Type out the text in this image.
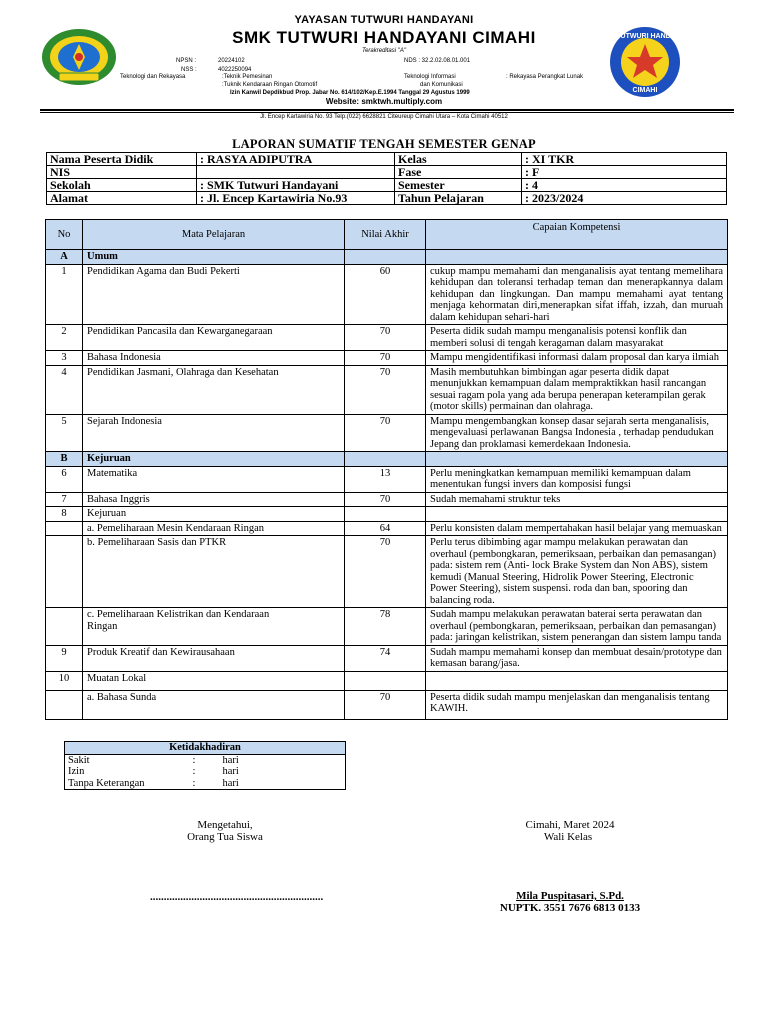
YAYASAN TUTWURI HANDAYANI
SMK TUTWURI HANDAYANI CIMAHI
Terakreditasi "A"
NPSN :	20224102
NSS :	4022250094
NDS : 32.2.02.08.01.001
Teknologi dan Rekayasa	:Teknik Pemesinan
:Tuknik Kendaraan Ringan Otomotif
Teknologi Informasi
dan Komunikasi
: Rekayasa Perangkat Lunak
Izin Kanwil Depdikbud Prop. Jabar No. 614/102/Kep.E.1994 Tanggal 29 Agustus 1999
Website: smktwh.multiply.com
SMK TUTWURI HANDAYANI
CIMAHI
Jl. Encep Kartawiria No. 93 Telp.(022) 6628821 Citeureup Cimahi Utara – Kota Cimahi 40512
LAPORAN SUMATIF TENGAH SEMESTER GENAP
Nama Peserta Didik	: RASYA ADIPUTRA	Kelas	: XI TKR
NIS		Fase	: F
Sekolah	: SMK Tutwuri Handayani	Semester	: 4
Alamat	: Jl. Encep Kartawiria No.93	Tahun Pelajaran	: 2023/2024
No	Mata Pelajaran	Nilai Akhir	Capaian Kompetensi
A	Umum		
1	Pendidikan Agama dan Budi Pekerti	60	cukup mampu memahami dan menganalisis ayat tentang memelihara kehidupan dan toleransi terhadap teman dan menerapkannya dalam kehidupan dan lingkungan. Dan mampu memahami ayat tentang menjaga kehormatan diri,menerapkan sifat iffah, izzah, dan muruah dalam kehidupan sehari-hari
2	Pendidikan Pancasila dan Kewarganegaraan	70	Peserta didik sudah mampu menganalisis potensi konflik dan memberi solusi di tengah keragaman dalam masyarakat
3	Bahasa Indonesia	70	Mampu mengidentifikasi informasi dalam proposal dan karya ilmiah
4	Pendidikan Jasmani, Olahraga dan Kesehatan	70	Masih membutuhkan bimbingan agar peserta didik dapat menunjukkan kemampuan dalam mempraktikkan hasil rancangan sesuai ragam pola yang ada berupa penerapan keterampilan gerak (motor skills) permainan dan olahraga.
5	Sejarah Indonesia	70	Mampu mengembangkan konsep dasar sejarah serta menganalisis, mengevaluasi perlawanan Bangsa Indonesia , terhadap pendudukan Jepang dan proklamasi kemerdekaan Indonesia.
B	Kejuruan		
6	Matematika	13	Perlu meningkatkan kemampuan memiliki kemampuan dalam menentukan fungsi invers dan komposisi fungsi
7	Bahasa Inggris	70	Sudah memahami struktur teks
8	Kejuruan		
	a. Pemeliharaan Mesin Kendaraan Ringan	64	Perlu konsisten dalam mempertahakan hasil belajar yang memuaskan
	b. Pemeliharaan Sasis dan PTKR	70	Perlu terus dibimbing agar mampu melakukan perawatan dan overhaul (pembongkaran, pemeriksaan, perbaikan dan pemasangan) pada: sistem rem (Anti- lock Brake System dan Non ABS), sistem kemudi (Manual Steering, Hidrolik Power Steering, Electronic Power Steering), sistem suspensi. roda dan ban, spooring dan balancing roda.
	c. Pemeliharaan Kelistrikan dan Kendaraan Ringan	78	Sudah mampu melakukan perawatan baterai serta perawatan dan overhaul (pembongkaran, pemeriksaan, perbaikan dan pemasangan) pada: jaringan kelistrikan, sistem penerangan dan sistem lampu tanda
9	Produk Kreatif dan Kewirausahaan	74	Sudah mampu memahami konsep dan membuat desain/prototype dan kemasan barang/jasa.
10	Muatan Lokal		
	a. Bahasa Sunda	70	Peserta didik sudah mampu menjelaskan dan menganalisis tentang KAWIH.
Ketidakhadiran		
Sakit	:	hari
Izin	:	hari
Tanpa Keterangan	:	hari
Mengetahui,
Orang Tua Siswa
...............................................................
Cimahi, Maret 2024
Wali Kelas
Mila Puspitasari, S.Pd.
NUPTK. 3551 7676 6813 0133
